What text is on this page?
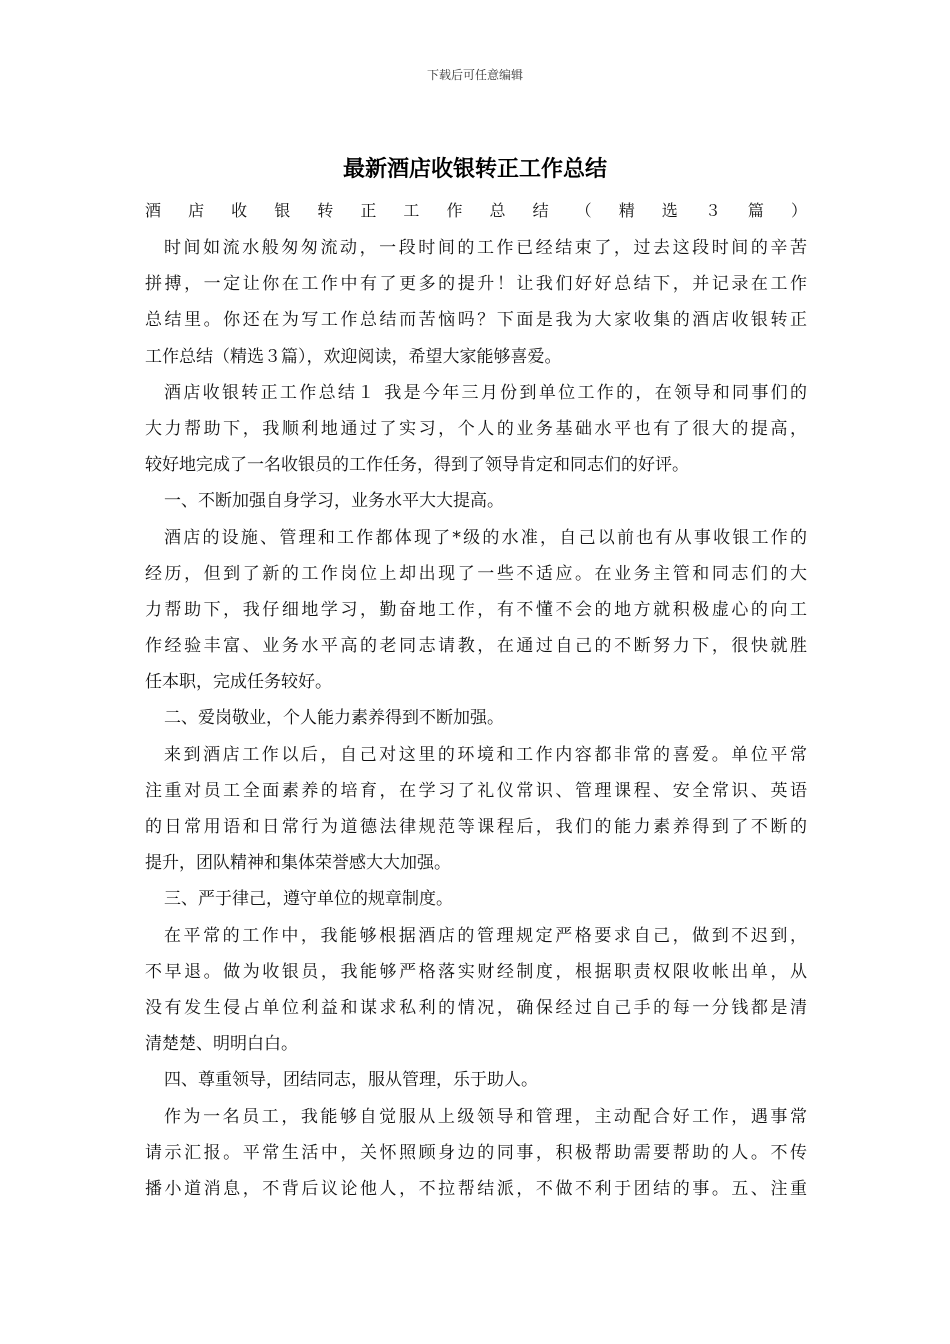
下载后可任意编辑
最新酒店收银转正工作总结
酒店收银转正工作总结（精选３篇）
时间如流水般匆匆流动，一段时间的工作已经结束了，过去这段时间的辛苦
拼搏，一定让你在工作中有了更多的提升！让我们好好总结下，并记录在工作
总结里。你还在为写工作总结而苦恼吗？下面是我为大家收集的酒店收银转正
工作总结（精选３篇），欢迎阅读，希望大家能够喜爱。
酒店收银转正工作总结１ 我是今年三月份到单位工作的，在领导和同事们的
大力帮助下，我顺利地通过了实习，个人的业务基础水平也有了很大的提高，
较好地完成了一名收银员的工作任务，得到了领导肯定和同志们的好评。
一、不断加强自身学习，业务水平大大提高。
酒店的设施、管理和工作都体现了*级的水准，自己以前也有从事收银工作的
经历，但到了新的工作岗位上却出现了一些不适应。在业务主管和同志们的大
力帮助下，我仔细地学习，勤奋地工作，有不懂不会的地方就积极虚心的向工
作经验丰富、业务水平高的老同志请教，在通过自己的不断努力下，很快就胜
任本职，完成任务较好。
二、爱岗敬业，个人能力素养得到不断加强。
来到酒店工作以后，自己对这里的环境和工作内容都非常的喜爱。单位平常
注重对员工全面素养的培育，在学习了礼仪常识、管理课程、安全常识、英语
的日常用语和日常行为道德法律规范等课程后，我们的能力素养得到了不断的
提升，团队精神和集体荣誉感大大加强。
三、严于律己，遵守单位的规章制度。
在平常的工作中，我能够根据酒店的管理规定严格要求自己，做到不迟到，
不早退。做为收银员，我能够严格落实财经制度，根据职责权限收帐出单，从
没有发生侵占单位利益和谋求私利的情况，确保经过自己手的每一分钱都是清
清楚楚、明明白白。
四、尊重领导，团结同志，服从管理，乐于助人。
作为一名员工，我能够自觉服从上级领导和管理，主动配合好工作，遇事常
请示汇报。平常生活中，关怀照顾身边的同事，积极帮助需要帮助的人。不传
播小道消息，不背后议论他人，不拉帮结派，不做不利于团结的事。五、注重
